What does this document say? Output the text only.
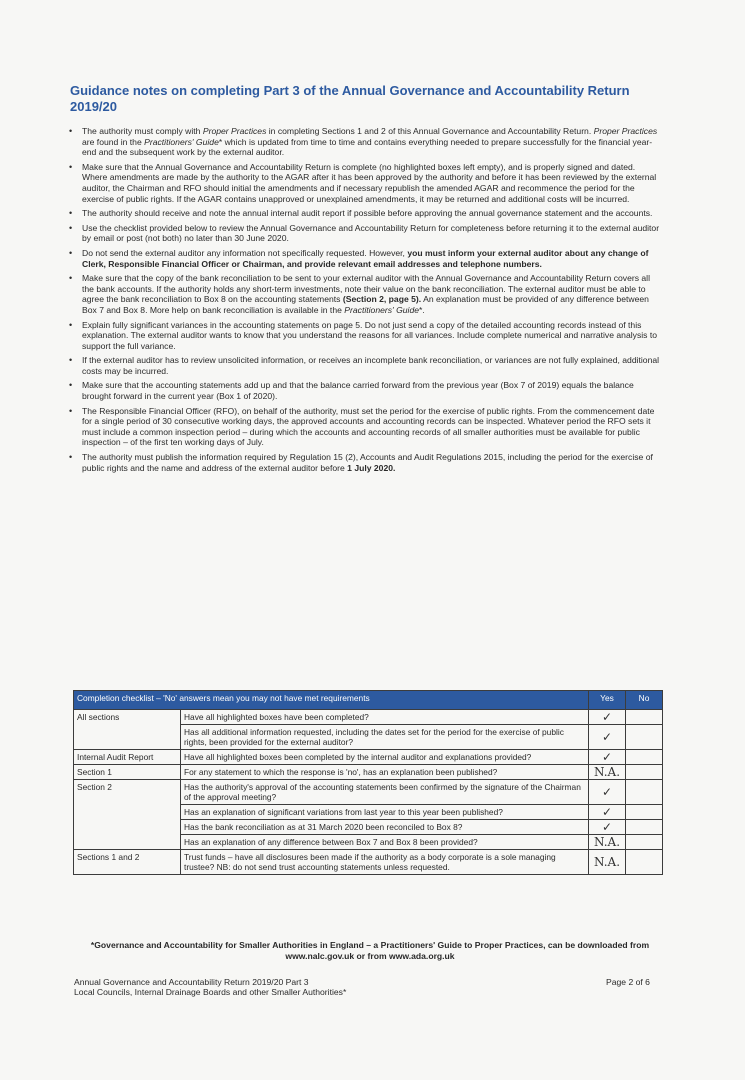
Guidance notes on completing Part 3 of the Annual Governance and Accountability Return 2019/20
• The authority must comply with Proper Practices in completing Sections 1 and 2 of this Annual Governance and Accountability Return. Proper Practices are found in the Practitioners' Guide* which is updated from time to time and contains everything needed to prepare successfully for the financial year-end and the subsequent work by the external auditor.
• Make sure that the Annual Governance and Accountability Return is complete (no highlighted boxes left empty), and is properly signed and dated. Where amendments are made by the authority to the AGAR after it has been approved by the authority and before it has been reviewed by the external auditor, the Chairman and RFO should initial the amendments and if necessary republish the amended AGAR and recommence the period for the exercise of public rights. If the AGAR contains unapproved or unexplained amendments, it may be returned and additional costs will be incurred.
• The authority should receive and note the annual internal audit report if possible before approving the annual governance statement and the accounts.
• Use the checklist provided below to review the Annual Governance and Accountability Return for completeness before returning it to the external auditor by email or post (not both) no later than 30 June 2020.
• Do not send the external auditor any information not specifically requested. However, you must inform your external auditor about any change of Clerk, Responsible Financial Officer or Chairman, and provide relevant email addresses and telephone numbers.
• Make sure that the copy of the bank reconciliation to be sent to your external auditor with the Annual Governance and Accountability Return covers all the bank accounts. If the authority holds any short-term investments, note their value on the bank reconciliation. The external auditor must be able to agree the bank reconciliation to Box 8 on the accounting statements (Section 2, page 5). An explanation must be provided of any difference between Box 7 and Box 8. More help on bank reconciliation is available in the Practitioners' Guide*.
• Explain fully significant variances in the accounting statements on page 5. Do not just send a copy of the detailed accounting records instead of this explanation. The external auditor wants to know that you understand the reasons for all variances. Include complete numerical and narrative analysis to support the full variance.
• If the external auditor has to review unsolicited information, or receives an incomplete bank reconciliation, or variances are not fully explained, additional costs may be incurred.
• Make sure that the accounting statements add up and that the balance carried forward from the previous year (Box 7 of 2019) equals the balance brought forward in the current year (Box 1 of 2020).
• The Responsible Financial Officer (RFO), on behalf of the authority, must set the period for the exercise of public rights. From the commencement date for a single period of 30 consecutive working days, the approved accounts and accounting records can be inspected. Whatever period the RFO sets it must include a common inspection period – during which the accounts and accounting records of all smaller authorities must be available for public inspection – of the first ten working days of July.
• The authority must publish the information required by Regulation 15 (2), Accounts and Audit Regulations 2015, including the period for the exercise of public rights and the name and address of the external auditor before 1 July 2020.
Completion checklist – 'No' answers mean you may not have met requirements		Yes	No
All sections	Have all highlighted boxes have been completed?	✓	
	Has all additional information requested, including the dates set for the period for the exercise of public rights, been provided for the external auditor?	✓	
Internal Audit Report	Have all highlighted boxes been completed by the internal auditor and explanations provided?	✓	
Section 1	For any statement to which the response is 'no', has an explanation been published?	N.A.	
Section 2	Has the authority's approval of the accounting statements been confirmed by the signature of the Chairman of the approval meeting?	✓	
	Has an explanation of significant variations from last year to this year been published?	✓	
	Has the bank reconciliation as at 31 March 2020 been reconciled to Box 8?	✓	
	Has an explanation of any difference between Box 7 and Box 8 been provided?	N.A.	
Sections 1 and 2	Trust funds – have all disclosures been made if the authority as a body corporate is a sole managing trustee? NB: do not send trust accounting statements unless requested.	N.A.	
*Governance and Accountability for Smaller Authorities in England – a Practitioners' Guide to Proper Practices, can be downloaded from www.nalc.gov.uk or from www.ada.org.uk
Annual Governance and Accountability Return 2019/20 Part 3
Local Councils, Internal Drainage Boards and other Smaller Authorities*
Page 2 of 6
